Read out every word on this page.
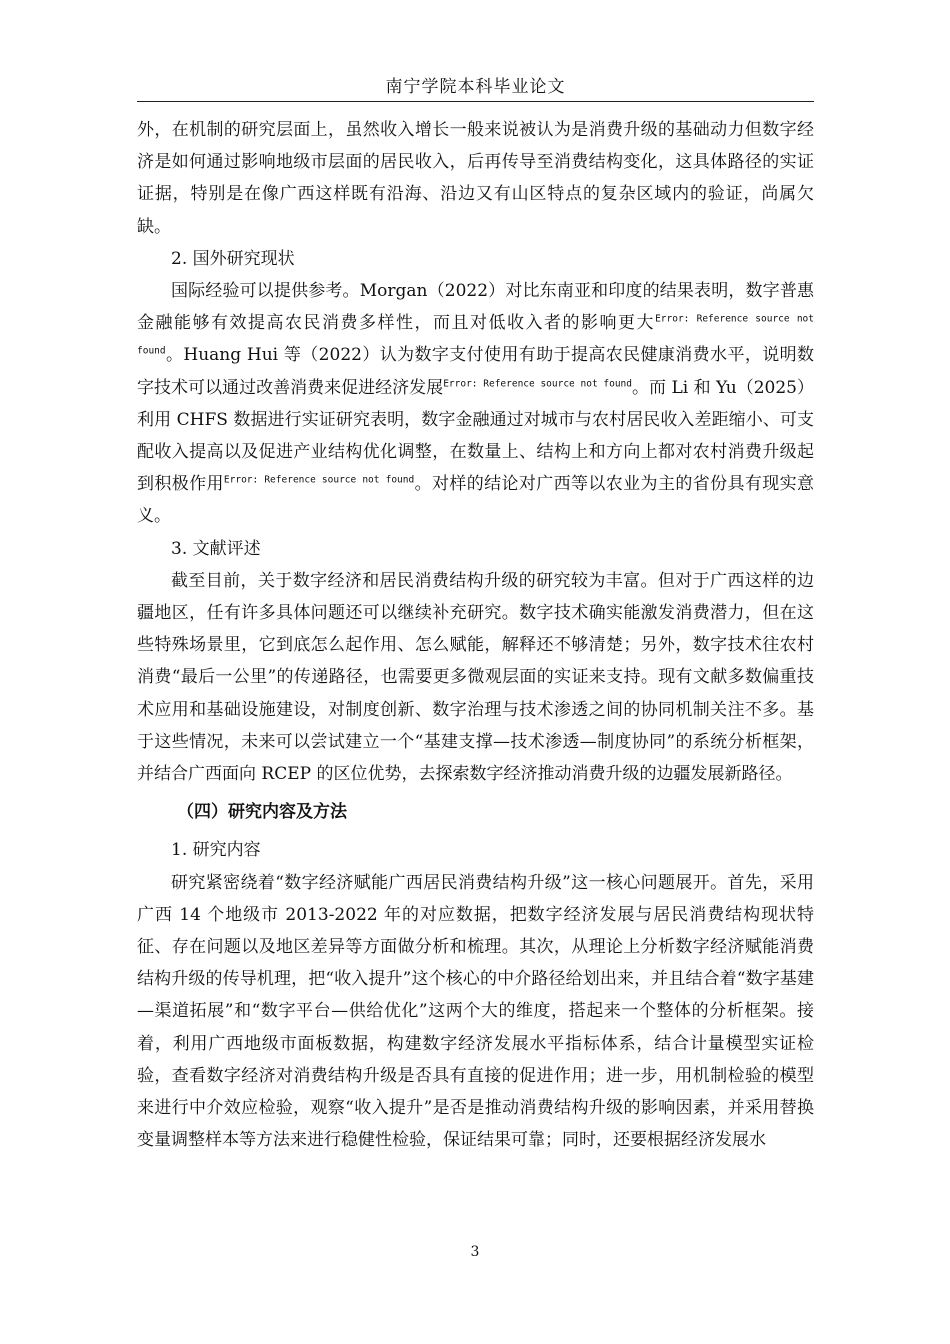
南宁学院本科毕业论文

外，在机制的研究层面上，虽然收入增长一般来说被认为是消费升级的基础动力但数字经济是如何通过影响地级市层面的居民收入，后再传导至消费结构变化，这具体路径的实证证据，特别是在像广西这样既有沿海、沿边又有山区特点的复杂区域内的验证，尚属欠缺。

2. 国外研究现状

国际经验可以提供参考。Morgan（2022）对比东南亚和印度的结果表明，数字普惠金融能够有效提高农民消费多样性，而且对低收入者的影响更大$^{Error: Reference source not found}$。Huang Hui 等（2022）认为数字支付使用有助于提高农民健康消费水平，说明数字技术可以通过改善消费来促进经济发展$^{Error: Reference source not found}$。而 Li 和 Yu（2025）利用 CHFS 数据进行实证研究表明，数字金融通过对城市与农村居民收入差距缩小、可支配收入提高以及促进产业结构优化调整，在数量上、结构上和方向上都对农村消费升级起到积极作用$^{Error: Reference source not found}$。对样的结论对广西等以农业为主的省份具有现实意义。

3. 文献评述

截至目前，关于数字经济和居民消费结构升级的研究较为丰富。但对于广西这样的边疆地区，任有许多具体问题还可以继续补充研究。数字技术确实能激发消费潜力，但在这些特殊场景里，它到底怎么起作用、怎么赋能，解释还不够清楚；另外，数字技术往农村消费“最后一公里”的传递路径，也需要更多微观层面的实证来支持。现有文献多数偏重技术应用和基础设施建设，对制度创新、数字治理与技术渗透之间的协同机制关注不多。基于这些情况，未来可以尝试建立一个“基建支撑—技术渗透—制度协同”的系统分析框架，并结合广西面向 RCEP 的区位优势，去探索数字经济推动消费升级的边疆发展新路径。

（四）研究内容及方法

1. 研究内容

研究紧密绕着“数字经济赋能广西居民消费结构升级”这一核心问题展开。首先，采用广西 14 个地级市 2013-2022 年的对应数据，把数字经济发展与居民消费结构现状特征、存在问题以及地区差异等方面做分析和梳理。其次，从理论上分析数字经济赋能消费结构升级的传导机理，把“收入提升”这个核心的中介路径给划出来，并且结合着“数字基建—渠道拓展”和“数字平台—供给优化”这两个大的维度，搭起来一个整体的分析框架。接着，利用广西地级市面板数据，构建数字经济发展水平指标体系，结合计量模型实证检验，查看数字经济对消费结构升级是否具有直接的促进作用；进一步，用机制检验的模型来进行中介效应检验，观察“收入提升”是否是推动消费结构升级的影响因素，并采用替换变量调整样本等方法来进行稳健性检验，保证结果可靠；同时，还要根据经济发展水

3
